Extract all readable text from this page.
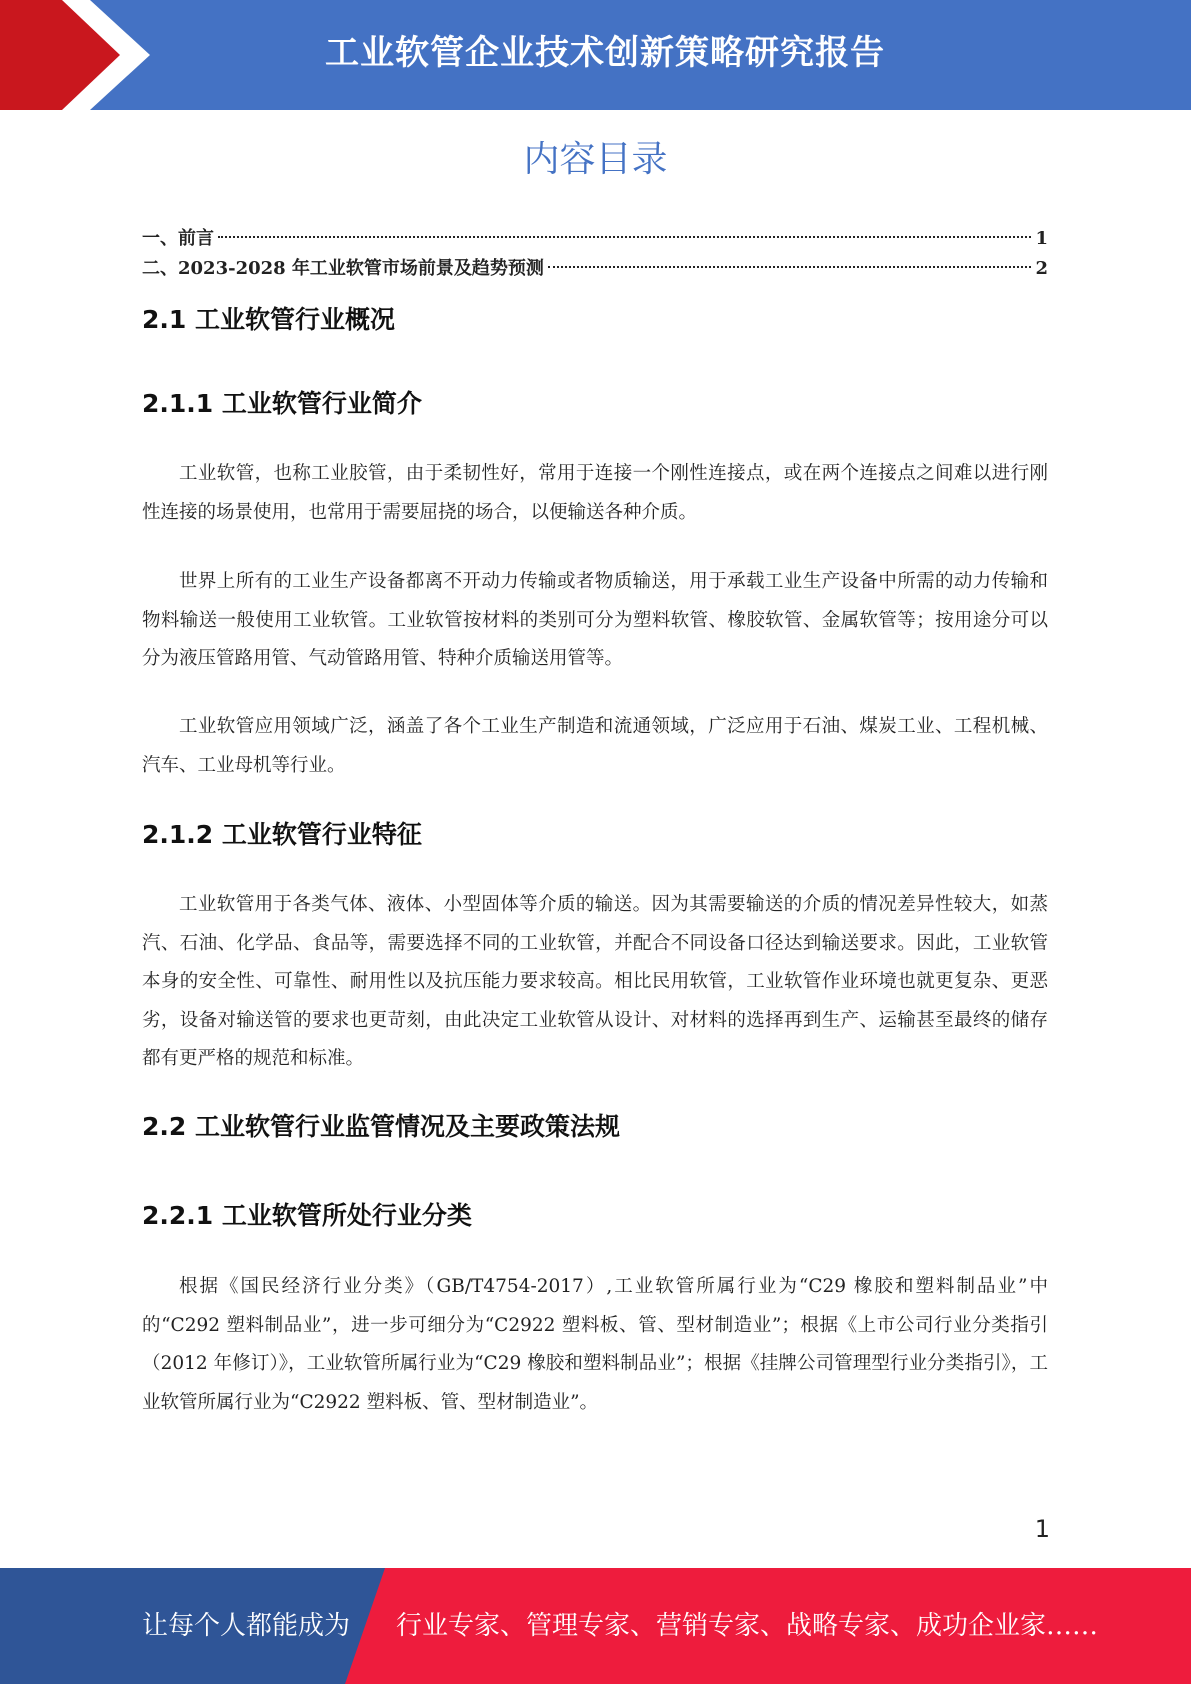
工业软管企业技术创新策略研究报告
内容目录
一、前言	1
二、2023-2028 年工业软管市场前景及趋势预测	2
2.1 工业软管行业概况
2.1.1 工业软管行业简介

工业软管，也称工业胶管，由于柔韧性好，常用于连接一个刚性连接点，或在两个连接点之间难以进行刚性连接的场景使用，也常用于需要屈挠的场合，以便输送各种介质。

世界上所有的工业生产设备都离不开动力传输或者物质输送，用于承载工业生产设备中所需的动力传输和物料输送一般使用工业软管。工业软管按材料的类别可分为塑料软管、橡胶软管、金属软管等；按用途分可以分为液压管路用管、气动管路用管、特种介质输送用管等。

工业软管应用领域广泛，涵盖了各个工业生产制造和流通领域，广泛应用于石油、煤炭工业、工程机械、汽车、工业母机等行业。

2.1.2 工业软管行业特征

工业软管用于各类气体、液体、小型固体等介质的输送。因为其需要输送的介质的情况差异性较大，如蒸汽、石油、化学品、食品等，需要选择不同的工业软管，并配合不同设备口径达到输送要求。因此，工业软管本身的安全性、可靠性、耐用性以及抗压能力要求较高。相比民用软管，工业软管作业环境也就更复杂、更恶劣，设备对输送管的要求也更苛刻，由此决定工业软管从设计、对材料的选择再到生产、运输甚至最终的储存都有更严格的规范和标准。

2.2 工业软管行业监管情况及主要政策法规
2.2.1 工业软管所处行业分类

根据《国民经济行业分类》（GB/T4754-2017）,工业软管所属行业为“C29 橡胶和塑料制品业”中的“C292 塑料制品业”，进一步可细分为“C2922 塑料板、管、型材制造业”；根据《上市公司行业分类指引（2012 年修订）》，工业软管所属行业为“C29 橡胶和塑料制品业”；根据《挂牌公司管理型行业分类指引》，工业软管所属行业为“C2922 塑料板、管、型材制造业”。

1
让每个人都能成为 行业专家、管理专家、营销专家、战略专家、成功企业家……
